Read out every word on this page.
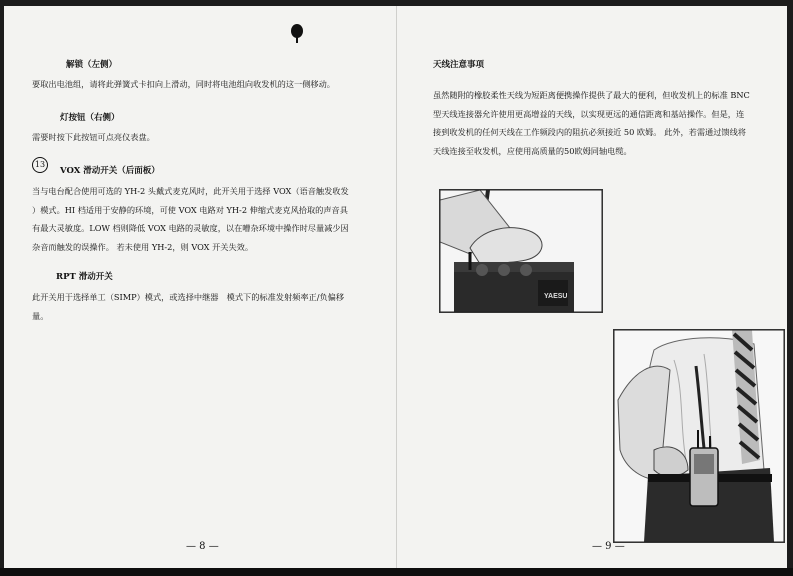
解锁（左侧）

要取出电池组，请将此弹簧式卡扣向上滑动，同时将电池组向收发机的这一侧移动。

灯按钮（右侧）

需要时按下此按钮可点亮仪表盘。

13
VOX 滑动开关（后面板）

当与电台配合使用可选的 YH-2 头戴式麦克风时，此开关用于选择 VOX（语音触发收发
）模式。HI 档适用于安静的环境，可使 VOX 电路对 YH-2 伸缩式麦克风拾取的声音具
有最大灵敏度。LOW 档则降低 VOX 电路的灵敏度，以在嘈杂环境中操作时尽量减少因
杂音而触发的误操作。 若未使用 YH-2，则 VOX 开关失效。

RPT 滑动开关

此开关用于选择单工（SIMP）模式，或选择中继器　模式下的标准发射频率正/负偏移
量。

— 8 —
天线注意事项

虽然随附的橡胶柔性天线为短距离便携操作提供了最大的便利，但收发机上的标准 BNC
型天线连接器允许使用更高增益的天线，以实现更远的通信距离和基站操作。但是，连
接到收发机的任何天线在工作频段内的阻抗必须接近 50 欧姆。 此外，若需通过馈线将
天线连接至收发机，应使用高质量的50欧姆同轴电缆。

YAESU
— 9 —
